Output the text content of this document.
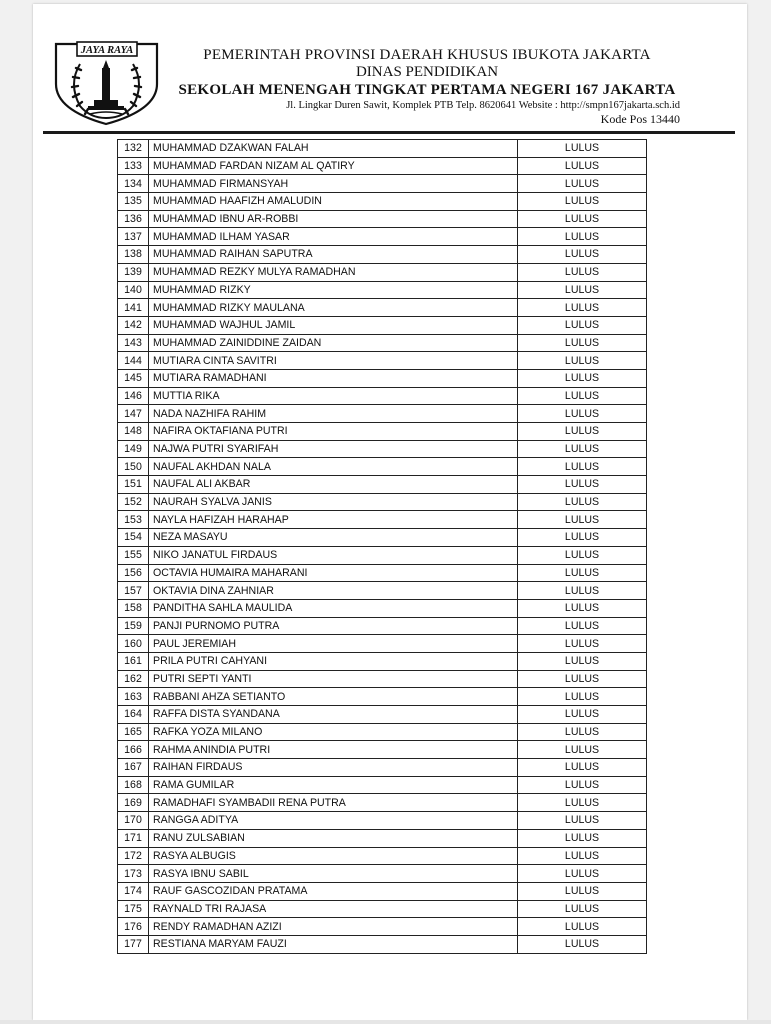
JAYA RAYA	PEMERINTAH PROVINSI DAERAH KHUSUS IBUKOTA JAKARTA
DINAS PENDIDIKAN
SEKOLAH MENENGAH TINGKAT PERTAMA NEGERI 167 JAKARTA
Jl. Lingkar Duren Sawit, Komplek PTB Telp. 8620641 Website : http://smpn167jakarta.sch.id
Kode Pos 13440
132	MUHAMMAD DZAKWAN FALAH	LULUS
133	MUHAMMAD FARDAN NIZAM AL QATIRY	LULUS
134	MUHAMMAD FIRMANSYAH	LULUS
135	MUHAMMAD HAAFIZH AMALUDIN	LULUS
136	MUHAMMAD IBNU AR-ROBBI	LULUS
137	MUHAMMAD ILHAM YASAR	LULUS
138	MUHAMMAD RAIHAN SAPUTRA	LULUS
139	MUHAMMAD REZKY MULYA RAMADHAN	LULUS
140	MUHAMMAD RIZKY	LULUS
141	MUHAMMAD RIZKY MAULANA	LULUS
142	MUHAMMAD WAJHUL JAMIL	LULUS
143	MUHAMMAD ZAINIDDINE ZAIDAN	LULUS
144	MUTIARA CINTA SAVITRI	LULUS
145	MUTIARA RAMADHANI	LULUS
146	MUTTIA RIKA	LULUS
147	NADA NAZHIFA RAHIM	LULUS
148	NAFIRA OKTAFIANA PUTRI	LULUS
149	NAJWA PUTRI SYARIFAH	LULUS
150	NAUFAL AKHDAN NALA	LULUS
151	NAUFAL ALI AKBAR	LULUS
152	NAURAH SYALVA JANIS	LULUS
153	NAYLA HAFIZAH HARAHAP	LULUS
154	NEZA MASAYU	LULUS
155	NIKO JANATUL FIRDAUS	LULUS
156	OCTAVIA HUMAIRA MAHARANI	LULUS
157	OKTAVIA DINA ZAHNIAR	LULUS
158	PANDITHA SAHLA MAULIDA	LULUS
159	PANJI PURNOMO PUTRA	LULUS
160	PAUL JEREMIAH	LULUS
161	PRILA PUTRI CAHYANI	LULUS
162	PUTRI SEPTI YANTI	LULUS
163	RABBANI AHZA SETIANTO	LULUS
164	RAFFA DISTA SYANDANA	LULUS
165	RAFKA YOZA MILANO	LULUS
166	RAHMA ANINDIA PUTRI	LULUS
167	RAIHAN FIRDAUS	LULUS
168	RAMA GUMILAR	LULUS
169	RAMADHAFI SYAMBADII RENA PUTRA	LULUS
170	RANGGA ADITYA	LULUS
171	RANU ZULSABIAN	LULUS
172	RASYA ALBUGIS	LULUS
173	RASYA IBNU SABIL	LULUS
174	RAUF GASCOZIDAN PRATAMA	LULUS
175	RAYNALD TRI RAJASA	LULUS
176	RENDY RAMADHAN AZIZI	LULUS
177	RESTIANA MARYAM FAUZI	LULUS
